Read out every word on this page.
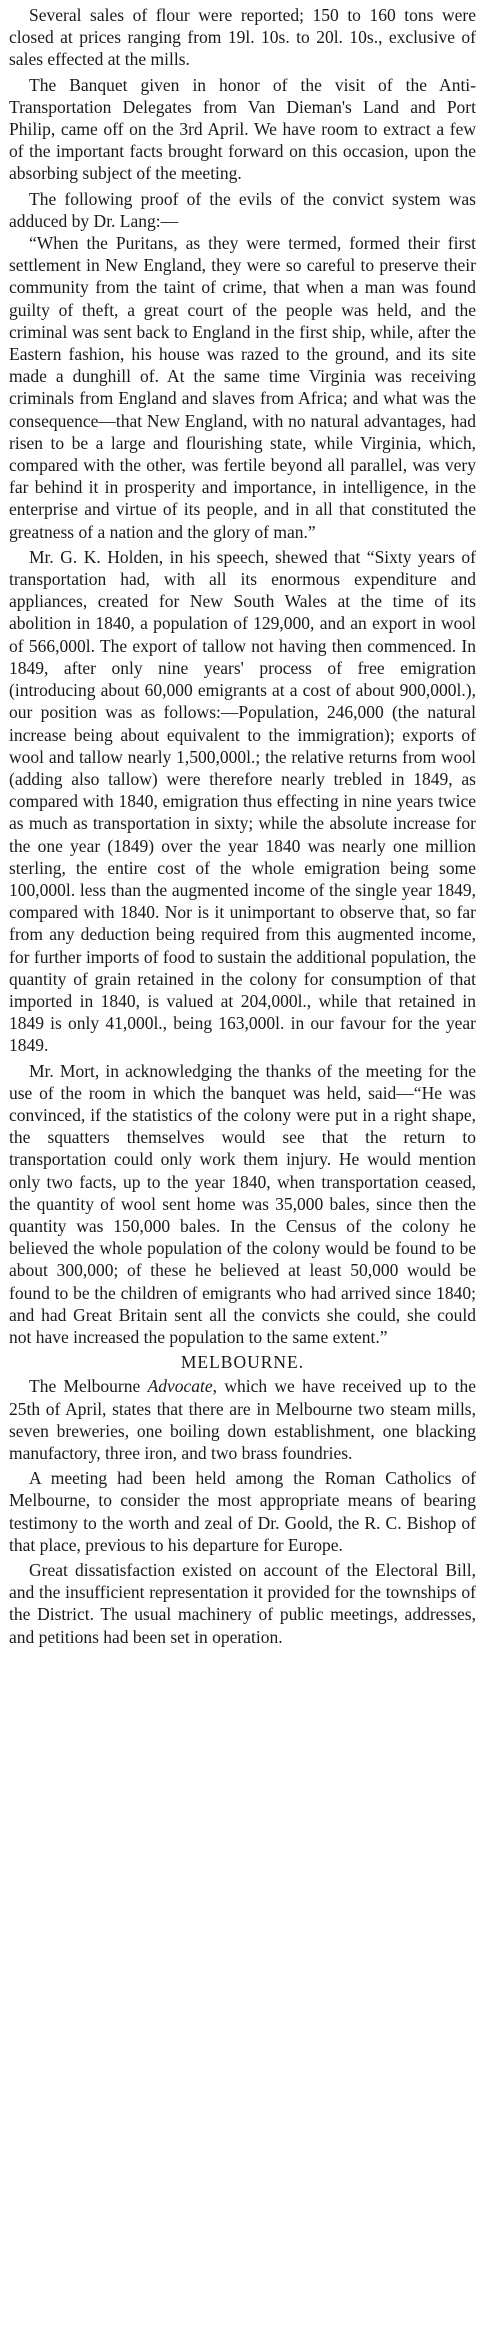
Several sales of flour were reported; 150 to 160 tons were closed at prices ranging from 19l. 10s. to 20l. 10s., exclusive of sales effected at the mills.

The Banquet given in honor of the visit of the Anti-Transportation Delegates from Van Dieman's Land and Port Philip, came off on the 3rd April. We have room to extract a few of the important facts brought forward on this occasion, upon the absorbing subject of the meeting.

The following proof of the evils of the convict system was adduced by Dr. Lang:—

“When the Puritans, as they were termed, formed their first settlement in New England, they were so careful to preserve their community from the taint of crime, that when a man was found guilty of theft, a great court of the people was held, and the criminal was sent back to England in the first ship, while, after the Eastern fashion, his house was razed to the ground, and its site made a dunghill of. At the same time Virginia was receiving criminals from England and slaves from Africa; and what was the consequence—that New England, with no natural advantages, had risen to be a large and flourishing state, while Virginia, which, compared with the other, was fertile beyond all parallel, was very far behind it in prosperity and importance, in intelligence, in the enterprise and virtue of its people, and in all that constituted the greatness of a nation and the glory of man.”

Mr. G. K. Holden, in his speech, shewed that “Sixty years of transportation had, with all its enormous expenditure and appliances, created for New South Wales at the time of its abolition in 1840, a population of 129,000, and an export in wool of 566,000l. The export of tallow not having then commenced. In 1849, after only nine years' process of free emigration (introducing about 60,000 emigrants at a cost of about 900,000l.), our position was as follows:—Population, 246,000 (the natural increase being about equivalent to the immigration); exports of wool and tallow nearly 1,500,000l.; the relative returns from wool (adding also tallow) were therefore nearly trebled in 1849, as compared with 1840, emigration thus effecting in nine years twice as much as transportation in sixty; while the absolute increase for the one year (1849) over the year 1840 was nearly one million sterling, the entire cost of the whole emigration being some 100,000l. less than the augmented income of the single year 1849, compared with 1840. Nor is it unimportant to observe that, so far from any deduction being required from this augmented income, for further imports of food to sustain the additional population, the quantity of grain retained in the colony for consumption of that imported in 1840, is valued at 204,000l., while that retained in 1849 is only 41,000l., being 163,000l. in our favour for the year 1849.

Mr. Mort, in acknowledging the thanks of the meeting for the use of the room in which the banquet was held, said—“He was convinced, if the statistics of the colony were put in a right shape, the squatters themselves would see that the return to transportation could only work them injury. He would mention only two facts, up to the year 1840, when transportation ceased, the quantity of wool sent home was 35,000 bales, since then the quantity was 150,000 bales. In the Census of the colony he believed the whole population of the colony would be found to be about 300,000; of these he believed at least 50,000 would be found to be the children of emigrants who had arrived since 1840; and had Great Britain sent all the convicts she could, she could not have increased the population to the same extent.”

MELBOURNE.

The Melbourne Advocate, which we have received up to the 25th of April, states that there are in Melbourne two steam mills, seven breweries, one boiling down establishment, one blacking manufactory, three iron, and two brass foundries.

A meeting had been held among the Roman Catholics of Melbourne, to consider the most appropriate means of bearing testimony to the worth and zeal of Dr. Goold, the R. C. Bishop of that place, previous to his departure for Europe.

Great dissatisfaction existed on account of the Electoral Bill, and the insufficient representation it provided for the townships of the District. The usual machinery of public meetings, addresses, and petitions had been set in operation.
